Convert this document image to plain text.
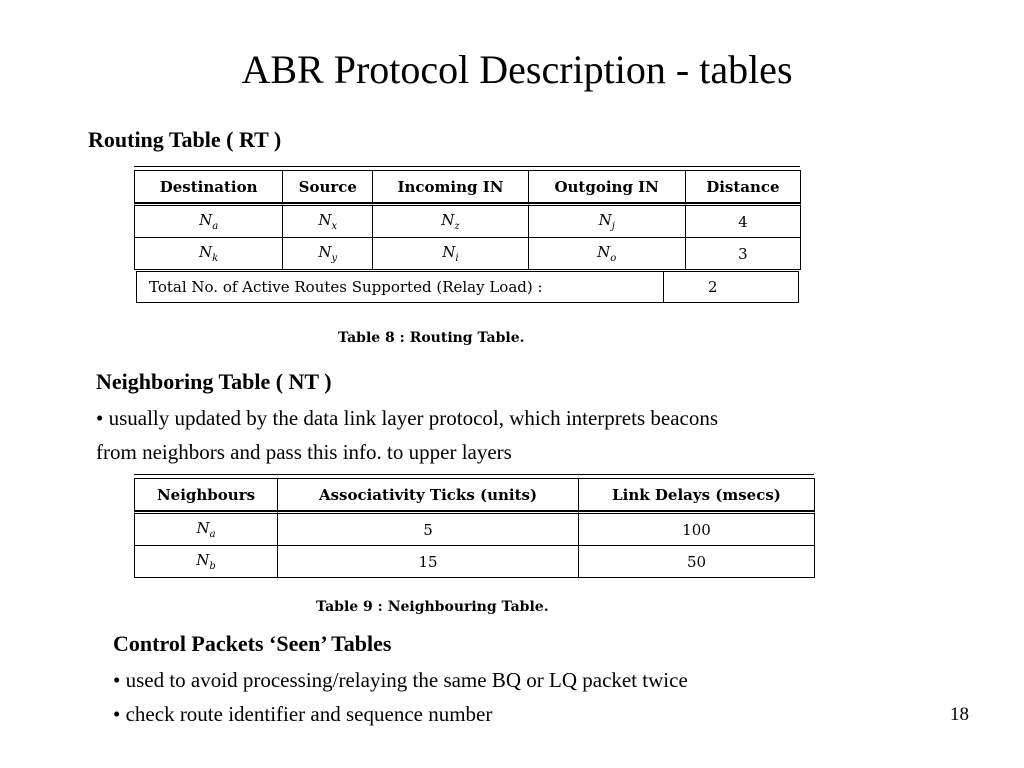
ABR Protocol Description - tables
Routing Table ( RT )
Destination	Source	Incoming IN	Outgoing IN	Distance
$N_a$	$N_x$	$N_z$	$N_j$	4
$N_k$	$N_y$	$N_i$	$N_o$	3
Total No. of Active Routes Supported (Relay Load) :	2
Table 8 : Routing Table.
Neighboring Table ( NT )
• usually updated by the data link layer protocol, which interprets beacons
from neighbors and pass this info. to upper layers
Neighbours	Associativity Ticks (units)	Link Delays (msecs)
$N_a$	5	100
$N_b$	15	50
Table 9 : Neighbouring Table.
Control Packets ‘Seen’ Tables
• used to avoid processing/relaying the same BQ or LQ packet twice
• check route identifier and sequence number	18
